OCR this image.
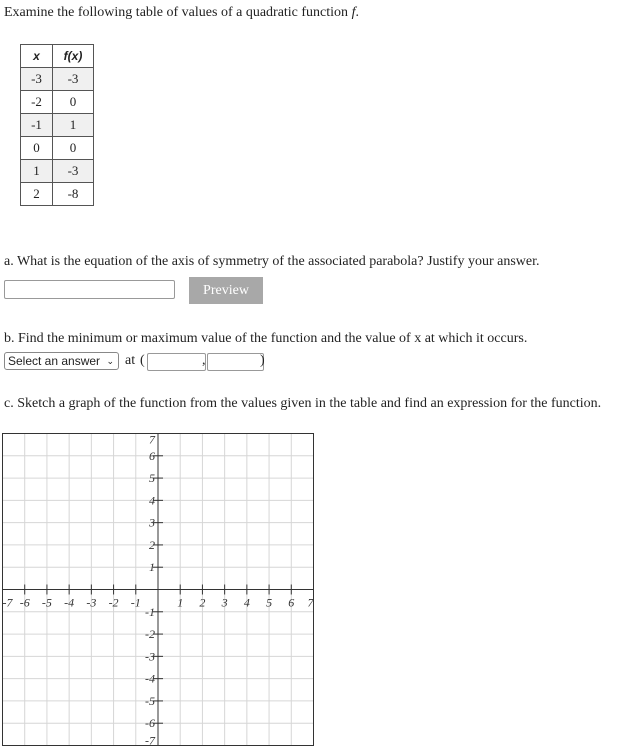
Examine the following table of values of a quadratic function f.
x	f(x)
-3	-3
-2	0
-1	1
0	0
1	-3
2	-8
a. What is the equation of the axis of symmetry of the associated parabola? Justify your answer.
Preview
b. Find the minimum or maximum value of the function and the value of x at which it occurs.
Select an answer ⌄ at (	,	)
c. Sketch a graph of the function from the values given in the table and find an expression for the function.
-7 -6 -5 -4 -3 -2 -1	1 2 3 4 5 6 7
7
6
5
4
3
2
1
-1
-2
-3
-4
-5
-6
-7
